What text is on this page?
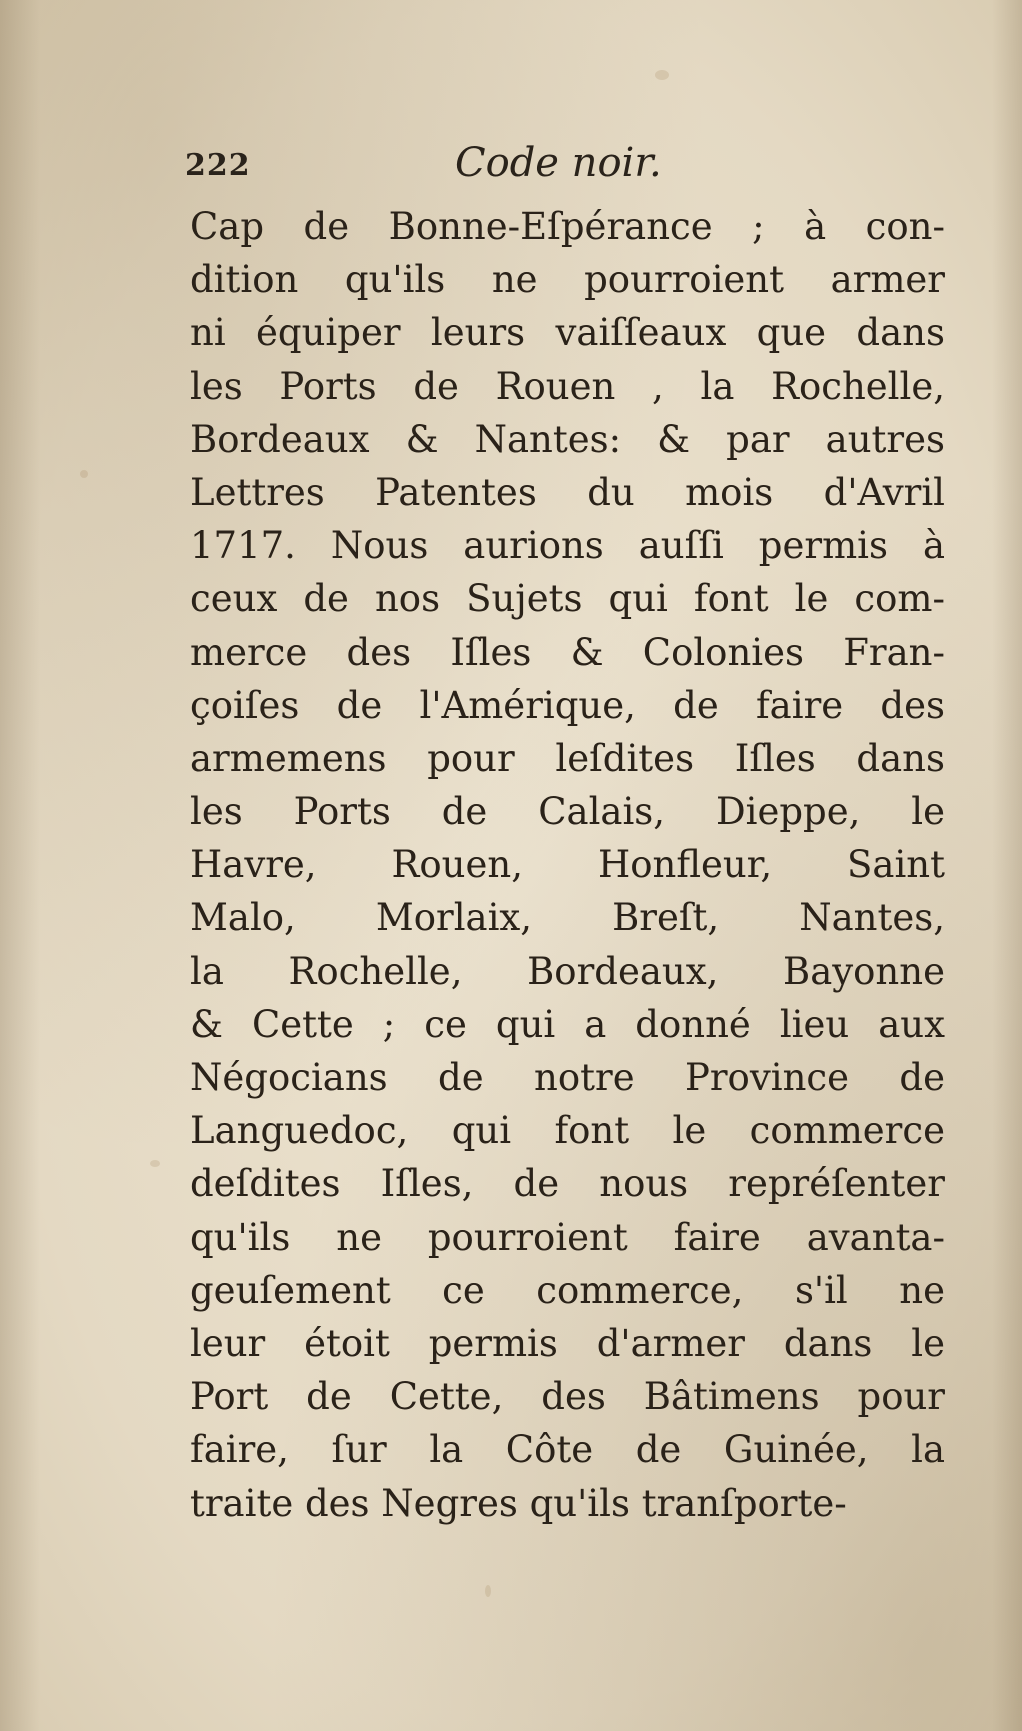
222	Code noir.
Cap de Bonne-Eſpérance ; à con-
dition qu'ils ne pourroient armer
ni équiper leurs vaiſſeaux que dans
les Ports de Rouen , la Rochelle,
Bordeaux & Nantes: & par autres
Lettres Patentes du mois d'Avril
1717. Nous aurions auſſi permis à
ceux de nos Sujets qui font le com-
merce des Iſles & Colonies Fran-
çoiſes de l'Amérique, de faire des
armemens pour leſdites Iſles dans
les Ports de Calais, Dieppe, le
Havre, Rouen, Honfleur, Saint
Malo, Morlaix, Breſt, Nantes,
la Rochelle, Bordeaux, Bayonne
& Cette ; ce qui a donné lieu aux
Négocians de notre Province de
Languedoc, qui font le commerce
deſdites Iſles, de nous repréſenter
qu'ils ne pourroient faire avanta-
geuſement ce commerce, s'il ne
leur étoit permis d'armer dans le
Port de Cette, des Bâtimens pour
faire, ſur la Côte de Guinée, la
traite des Negres qu'ils tranſporte-
